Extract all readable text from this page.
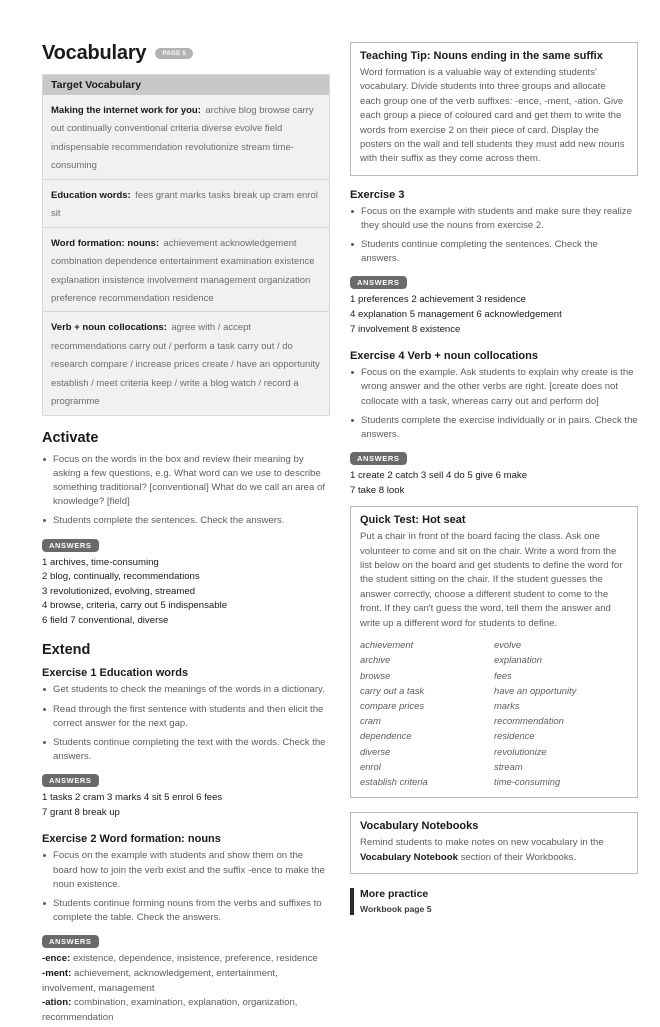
Vocabulary	PAGE 5
Target Vocabulary
Making the internet work for you: archive blog browse carry out continually conventional criteria diverse evolve field indispensable recommendation revolutionize stream time-consuming
Education words: fees grant marks tasks break up cram enrol sit
Word formation: nouns: achievement acknowledgement combination dependence entertainment examination existence explanation insistence involvement management organization preference recommendation residence
Verb + noun collocations: agree with / accept recommendations carry out / perform a task carry out / do research compare / increase prices create / have an opportunity establish / meet criteria keep / write a blog watch / record a programme
Activate
Focus on the words in the box and review their meaning by asking a few questions, e.g. What word can we use to describe something traditional? [conventional] What do we call an area of knowledge? [field]
Students complete the sentences. Check the answers.
ANSWERS
1 archives, time-consuming
2 blog, continually, recommendations
3 revolutionized, evolving, streamed
4 browse, criteria, carry out 5 indispensable
6 field 7 conventional, diverse
Extend
Exercise 1 Education words
Get students to check the meanings of the words in a dictionary.
Read through the first sentence with students and then elicit the correct answer for the next gap.
Students continue completing the text with the words. Check the answers.
ANSWERS
1 tasks 2 cram 3 marks 4 sit 5 enrol 6 fees
7 grant 8 break up
Exercise 2 Word formation: nouns
Focus on the example with students and show them on the board how to join the verb exist and the suffix -ence to make the noun existence.
Students continue forming nouns from the verbs and suffixes to complete the table. Check the answers.
ANSWERS
-ence: existence, dependence, insistence, preference, residence
-ment: achievement, acknowledgement, entertainment, involvement, management
-ation: combination, examination, explanation, organization, recommendation
Teaching Tip: Nouns ending in the same suffix
Word formation is a valuable way of extending students' vocabulary. Divide students into three groups and allocate each group one of the verb suffixes: -ence, -ment, -ation. Give each group a piece of coloured card and get them to write the words from exercise 2 on their piece of card. Display the posters on the wall and tell students they must add new nouns with their suffix as they come across them.
Exercise 3
Focus on the example with students and make sure they realize they should use the nouns from exercise 2.
Students continue completing the sentences. Check the answers.
ANSWERS
1 preferences 2 achievement 3 residence
4 explanation 5 management 6 acknowledgement
7 involvement 8 existence
Exercise 4 Verb + noun collocations
Focus on the example. Ask students to explain why create is the wrong answer and the other verbs are right. [create does not collocate with a task, whereas carry out and perform do]
Students complete the exercise individually or in pairs. Check the answers.
ANSWERS
1 create 2 catch 3 sell 4 do 5 give 6 make
7 take 8 look
Quick Test: Hot seat
Put a chair in front of the board facing the class. Ask one volunteer to come and sit on the chair. Write a word from the list below on the board and get students to define the word for the student sitting on the chair. If the student guesses the answer correctly, choose a different student to come to the front. If they can't guess the word, tell them the answer and write up a different word for students to define.
achievement
archive
browse
carry out a task
compare prices
cram
dependence
diverse
enrol
establish criteria
evolve
explanation
fees
have an opportunity
marks
recommendation
residence
revolutionize
stream
time-consuming
Vocabulary Notebooks
Remind students to make notes on new vocabulary in the Vocabulary Notebook section of their Workbooks.
More practice
Workbook page 5
